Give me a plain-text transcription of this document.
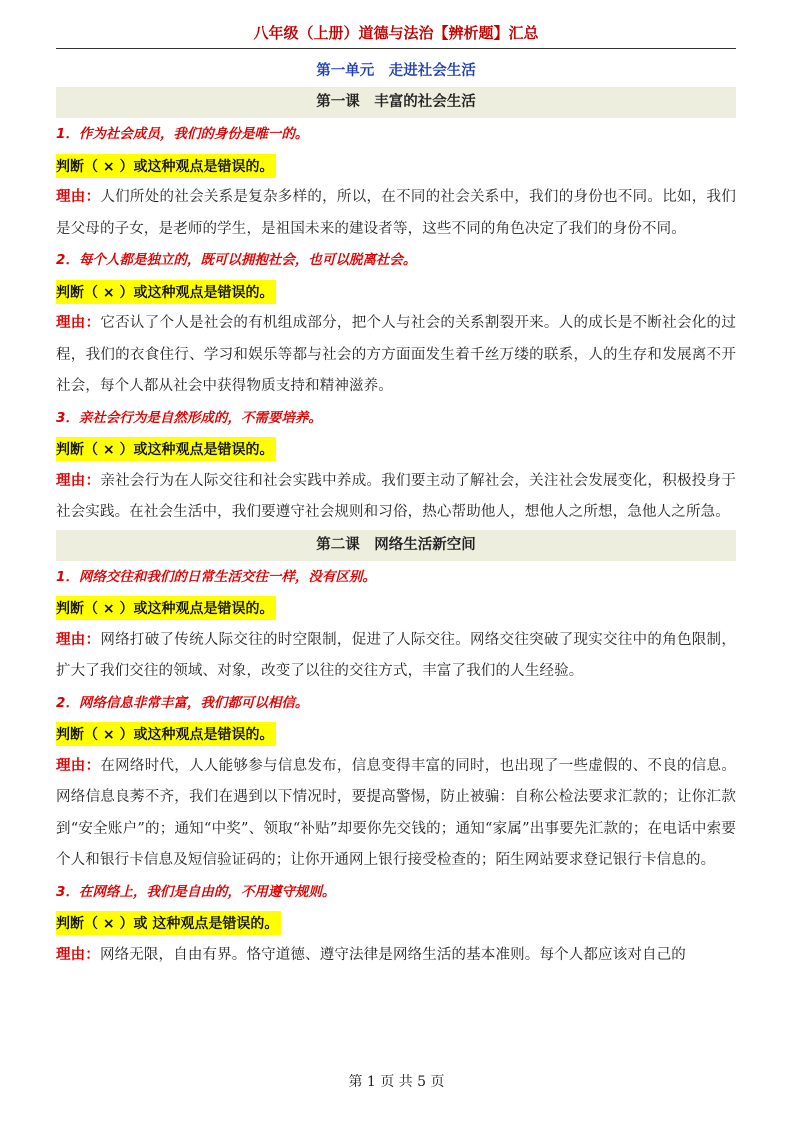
八年级（上册）道德与法治【辨析题】汇总
第一单元　走进社会生活
第一课　丰富的社会生活
1．作为社会成员，我们的身份是唯一的。
判断（ × ）或这种观点是错误的。
理由：人们所处的社会关系是复杂多样的，所以，在不同的社会关系中，我们的身份也不同。比如，我们是父母的子女，是老师的学生，是祖国未来的建设者等，这些不同的角色决定了我们的身份不同。
2．每个人都是独立的，既可以拥抱社会，也可以脱离社会。
判断（ × ）或这种观点是错误的。
理由：它否认了个人是社会的有机组成部分，把个人与社会的关系割裂开来。人的成长是不断社会化的过程，我们的衣食住行、学习和娱乐等都与社会的方方面面发生着千丝万缕的联系，人的生存和发展离不开社会，每个人都从社会中获得物质支持和精神滋养。
3．亲社会行为是自然形成的，不需要培养。
判断（ × ）或这种观点是错误的。
理由：亲社会行为在人际交往和社会实践中养成。我们要主动了解社会，关注社会发展变化，积极投身于社会实践。在社会生活中，我们要遵守社会规则和习俗，热心帮助他人，想他人之所想，急他人之所急。
第二课　网络生活新空间
1．网络交往和我们的日常生活交往一样，没有区别。
判断（ × ）或这种观点是错误的。
理由：网络打破了传统人际交往的时空限制，促进了人际交往。网络交往突破了现实交往中的角色限制，扩大了我们交往的领域、对象，改变了以往的交往方式，丰富了我们的人生经验。
2．网络信息非常丰富，我们都可以相信。
判断（ × ）或这种观点是错误的。
理由：在网络时代，人人能够参与信息发布，信息变得丰富的同时，也出现了一些虚假的、不良的信息。网络信息良莠不齐，我们在遇到以下情况时，要提高警惕，防止被骗：自称公检法要求汇款的；让你汇款到“安全账户”的；通知“中奖”、领取“补贴”却要你先交钱的；通知“家属”出事要先汇款的；在电话中索要个人和银行卡信息及短信验证码的；让你开通网上银行接受检查的；陌生网站要求登记银行卡信息的。
3．在网络上，我们是自由的，不用遵守规则。
判断（ × ）或 这种观点是错误的。
理由：网络无限，自由有界。恪守道德、遵守法律是网络生活的基本准则。每个人都应该对自己的
第 1 页 共 5 页
